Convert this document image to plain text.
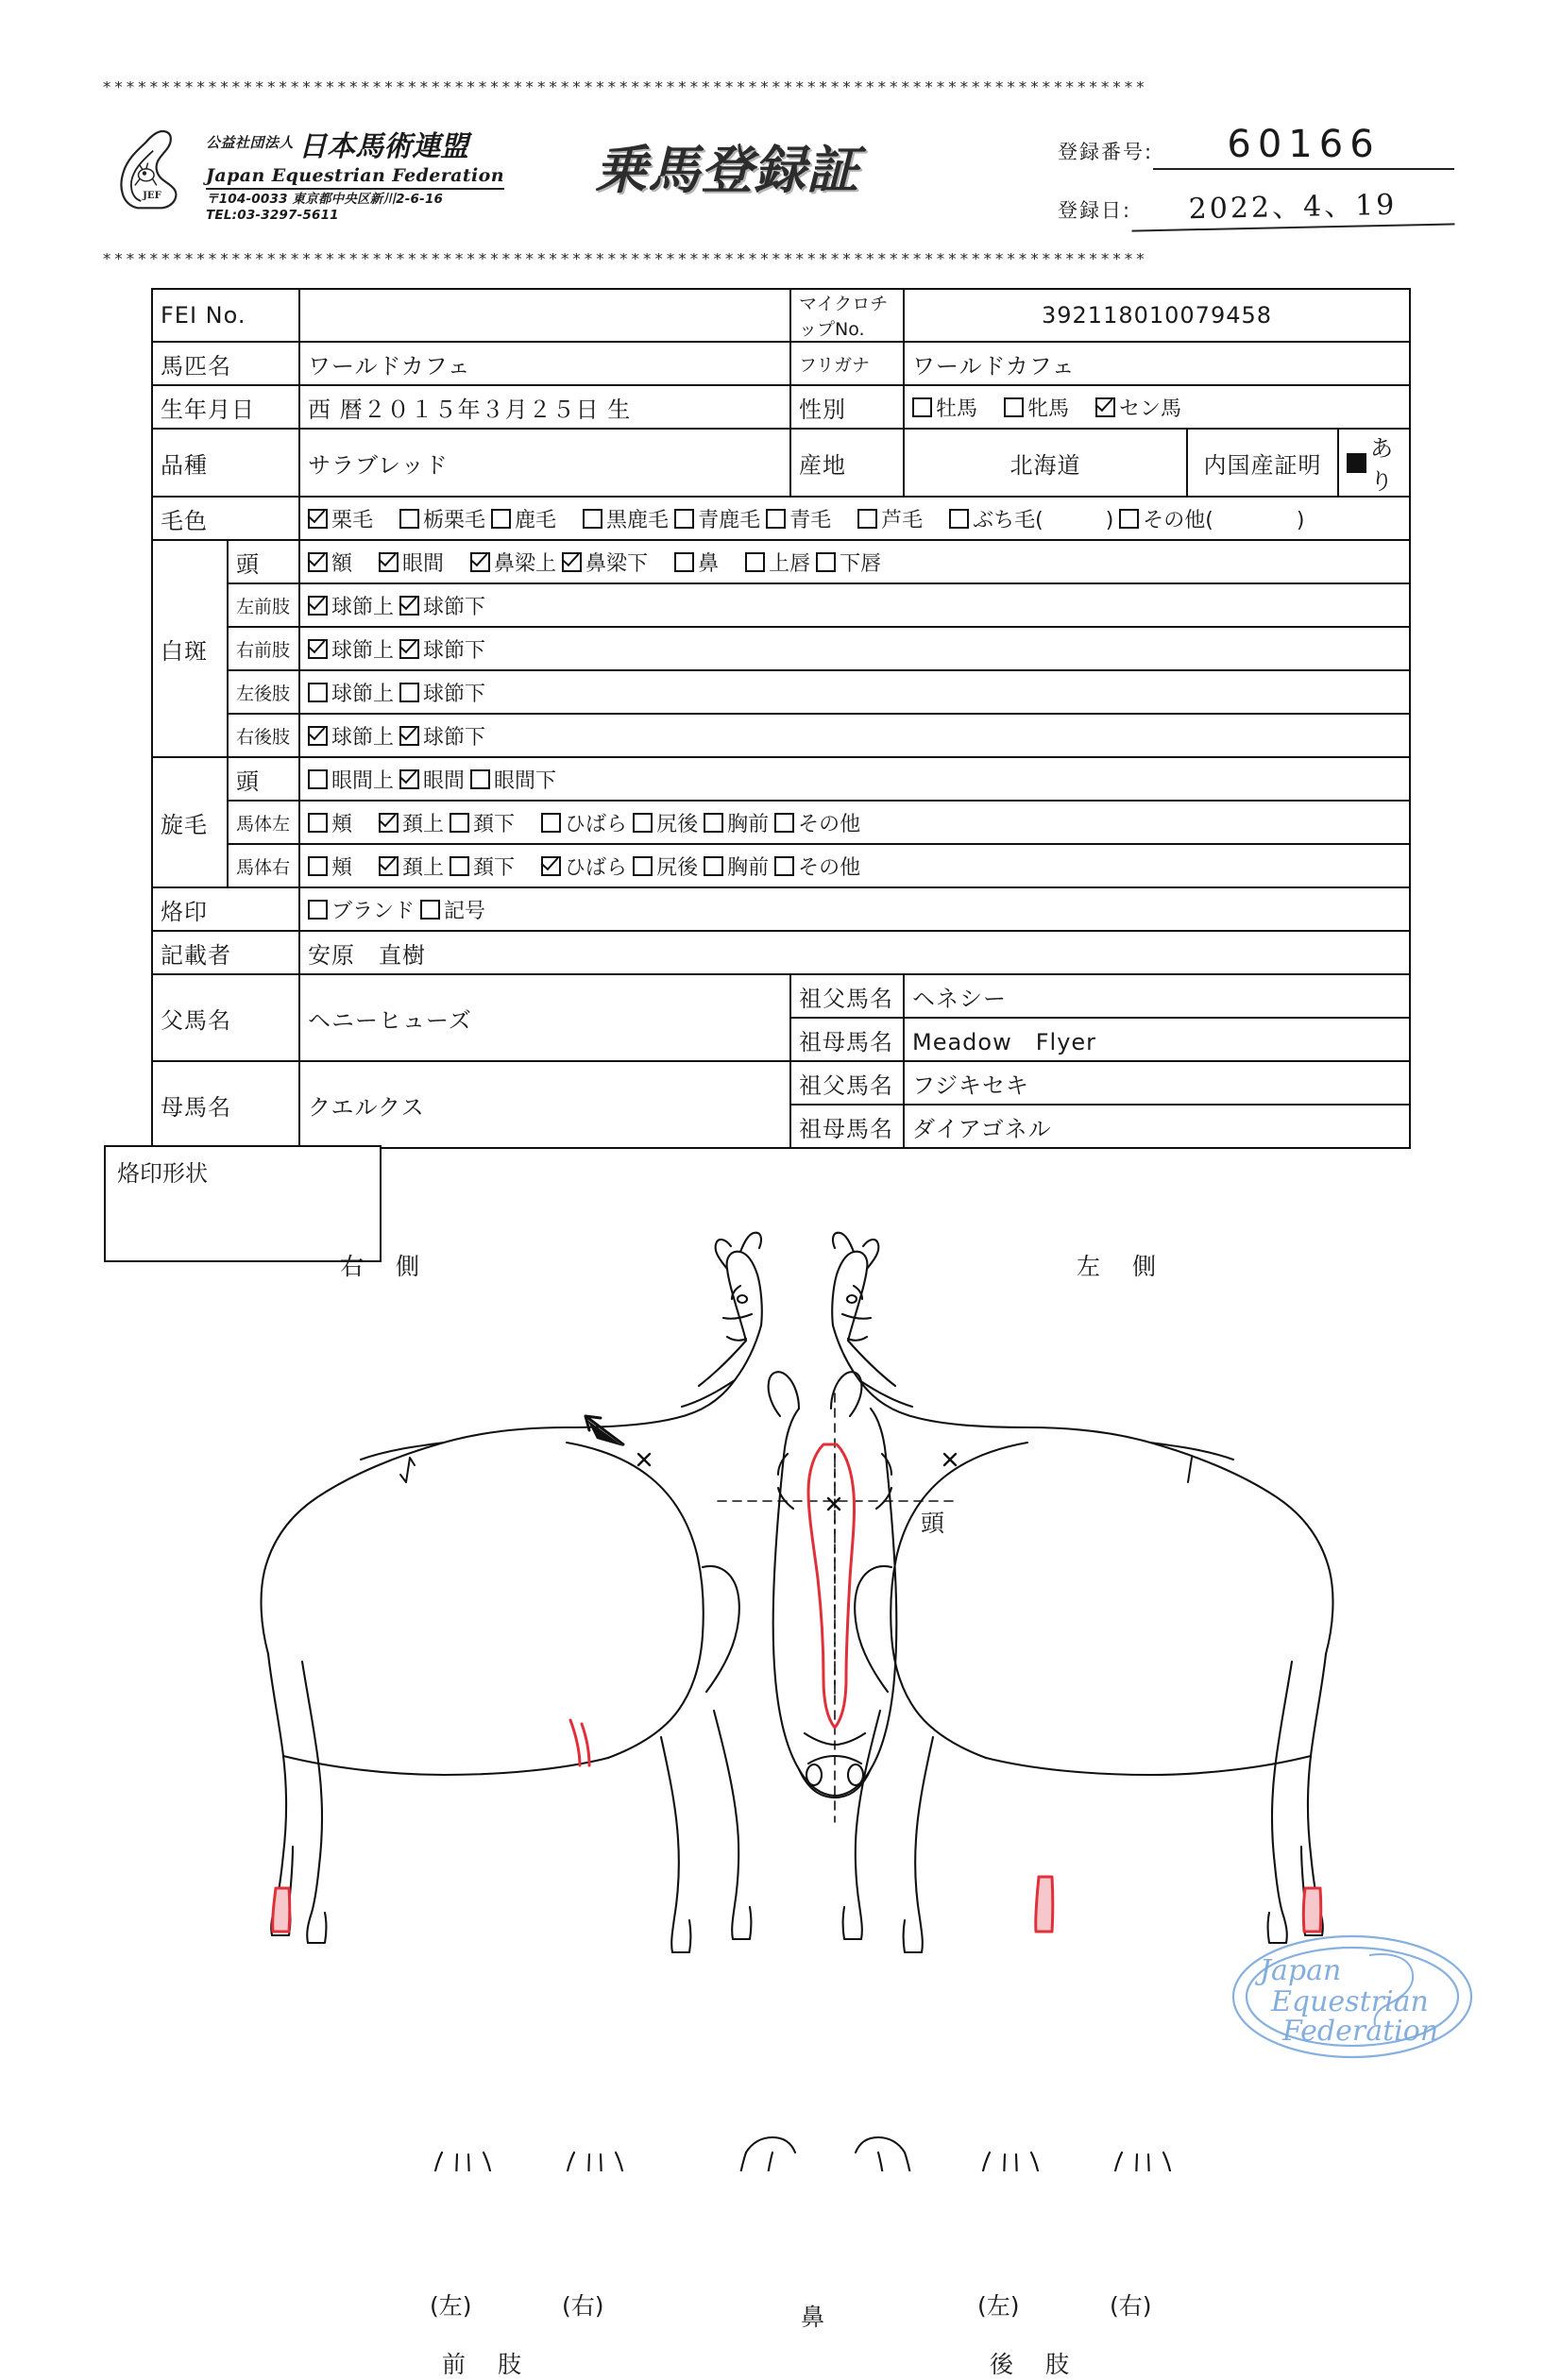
*****************************************************************************************
*****************************************************************************************
JEF
公益社団法人 日本馬術連盟
Japan Equestrian Federation
〒104-0033 東京都中央区新川2-6-16
TEL:03-3297-5611
乗馬登録証	登録番号:	60166
登録日:	2022、4、19
FEI No.			マイクロチップNo.	392118010079458		
馬匹名		ワールドカフェ	フリガナ	ワールドカフェ		
生年月日		西 暦２０１５年３月２５日 生	性別	牡馬 牝馬 セン馬		

品種		サラブレッド	産地	北海道	内国産証明	あり

毛色	栗毛 栃栗毛 鹿毛 黒鹿毛 青鹿毛 青毛 芦毛 ぶち毛(　　　) その他(　　　　)

白斑	頭	額 眼間 鼻梁上 鼻梁下 鼻 上唇 下唇

	左前肢	球節上 球節下				

	右前肢	球節上 球節下				

	左後肢	球節上 球節下				

	右後肢	球節上 球節下				

旋毛	頭	眼間上 眼間 眼間下				

馬体左	頬 頚上 頚下 ひばら 尻後 胸前 その他

馬体右	頬 頚上 頚下 ひばら 尻後 胸前 その他

烙印		ブランド 記号				

記載者		安原　直樹				
父馬名		ヘニーヒューズ	祖父馬名	ヘネシー		
			祖母馬名	Meadow　Flyer		
母馬名		クエルクス	祖父馬名	フジキセキ		
			祖母馬名	ダイアゴネル		
烙印形状
右 側	左 側
頭
(左)	(右)
前 肢
鼻	(左)	(右)
後 肢
Japan
Equestrian
Federation
